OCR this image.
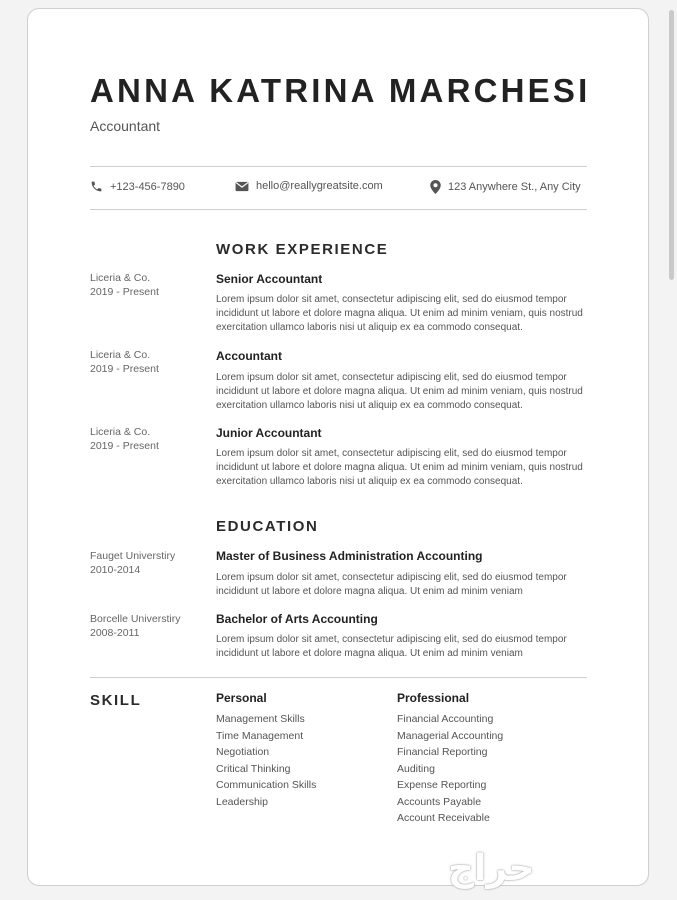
ANNA KATRINA MARCHESI
Accountant
+123-456-7890	hello@reallygreatsite.com	123 Anywhere St., Any City
WORK EXPERIENCE
Liceria & Co.
2019 - Present
Senior Accountant
Lorem ipsum dolor sit amet, consectetur adipiscing elit, sed do eiusmod tempor incididunt ut labore et dolore magna aliqua. Ut enim ad minim veniam, quis nostrud exercitation ullamco laboris nisi ut aliquip ex ea commodo consequat.
Liceria & Co.
2019 - Present
Accountant
Lorem ipsum dolor sit amet, consectetur adipiscing elit, sed do eiusmod tempor incididunt ut labore et dolore magna aliqua. Ut enim ad minim veniam, quis nostrud exercitation ullamco laboris nisi ut aliquip ex ea commodo consequat.
Liceria & Co.
2019 - Present
Junior Accountant
Lorem ipsum dolor sit amet, consectetur adipiscing elit, sed do eiusmod tempor incididunt ut labore et dolore magna aliqua. Ut enim ad minim veniam, quis nostrud exercitation ullamco laboris nisi ut aliquip ex ea commodo consequat.
EDUCATION
Fauget Universtiry
2010-2014
Master of Business Administration Accounting
Lorem ipsum dolor sit amet, consectetur adipiscing elit, sed do eiusmod tempor incididunt ut labore et dolore magna aliqua. Ut enim ad minim veniam
Borcelle Universtiry
2008-2011
Bachelor of Arts Accounting
Lorem ipsum dolor sit amet, consectetur adipiscing elit, sed do eiusmod tempor incididunt ut labore et dolore magna aliqua. Ut enim ad minim veniam
SKILL	Personal
Management Skills
Time Management
Negotiation
Critical Thinking
Communication Skills
Leadership
Professional
Financial Accounting
Managerial Accounting
Financial Reporting
Auditing
Expense Reporting
Accounts Payable
Account Receivable
حراج
